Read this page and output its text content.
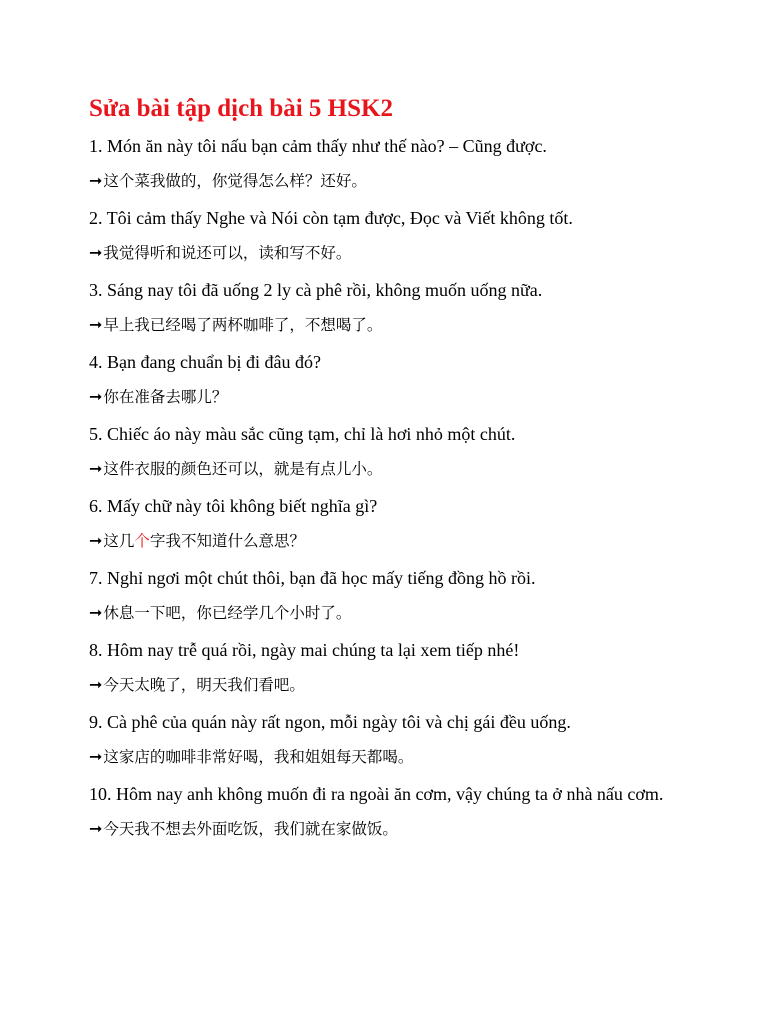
Sửa bài tập dịch bài 5 HSK2

1. Món ăn này tôi nấu bạn cảm thấy như thế nào? – Cũng được.

➞这个菜我做的，你觉得怎么样？还好。

2. Tôi cảm thấy Nghe và Nói còn tạm được, Đọc và Viết không tốt.

➞我觉得听和说还可以，读和写不好。

3. Sáng nay tôi đã uống 2 ly cà phê rồi, không muốn uống nữa.

➞早上我已经喝了两杯咖啡了，不想喝了。

4. Bạn đang chuẩn bị đi đâu đó?

➞你在准备去哪儿？

5. Chiếc áo này màu sắc cũng tạm, chỉ là hơi nhỏ một chút.

➞这件衣服的颜色还可以，就是有点儿小。

6. Mấy chữ này tôi không biết nghĩa gì?

➞这几个字我不知道什么意思？

7. Nghỉ ngơi một chút thôi, bạn đã học mấy tiếng đồng hồ rồi.

➞休息一下吧，你已经学几个小时了。

8. Hôm nay trễ quá rồi, ngày mai chúng ta lại xem tiếp nhé!

➞今天太晚了，明天我们看吧。

9. Cà phê của quán này rất ngon, mỗi ngày tôi và chị gái đều uống.

➞这家店的咖啡非常好喝，我和姐姐每天都喝。

10. Hôm nay anh không muốn đi ra ngoài ăn cơm, vậy chúng ta ở nhà nấu cơm.

➞今天我不想去外面吃饭，我们就在家做饭。
